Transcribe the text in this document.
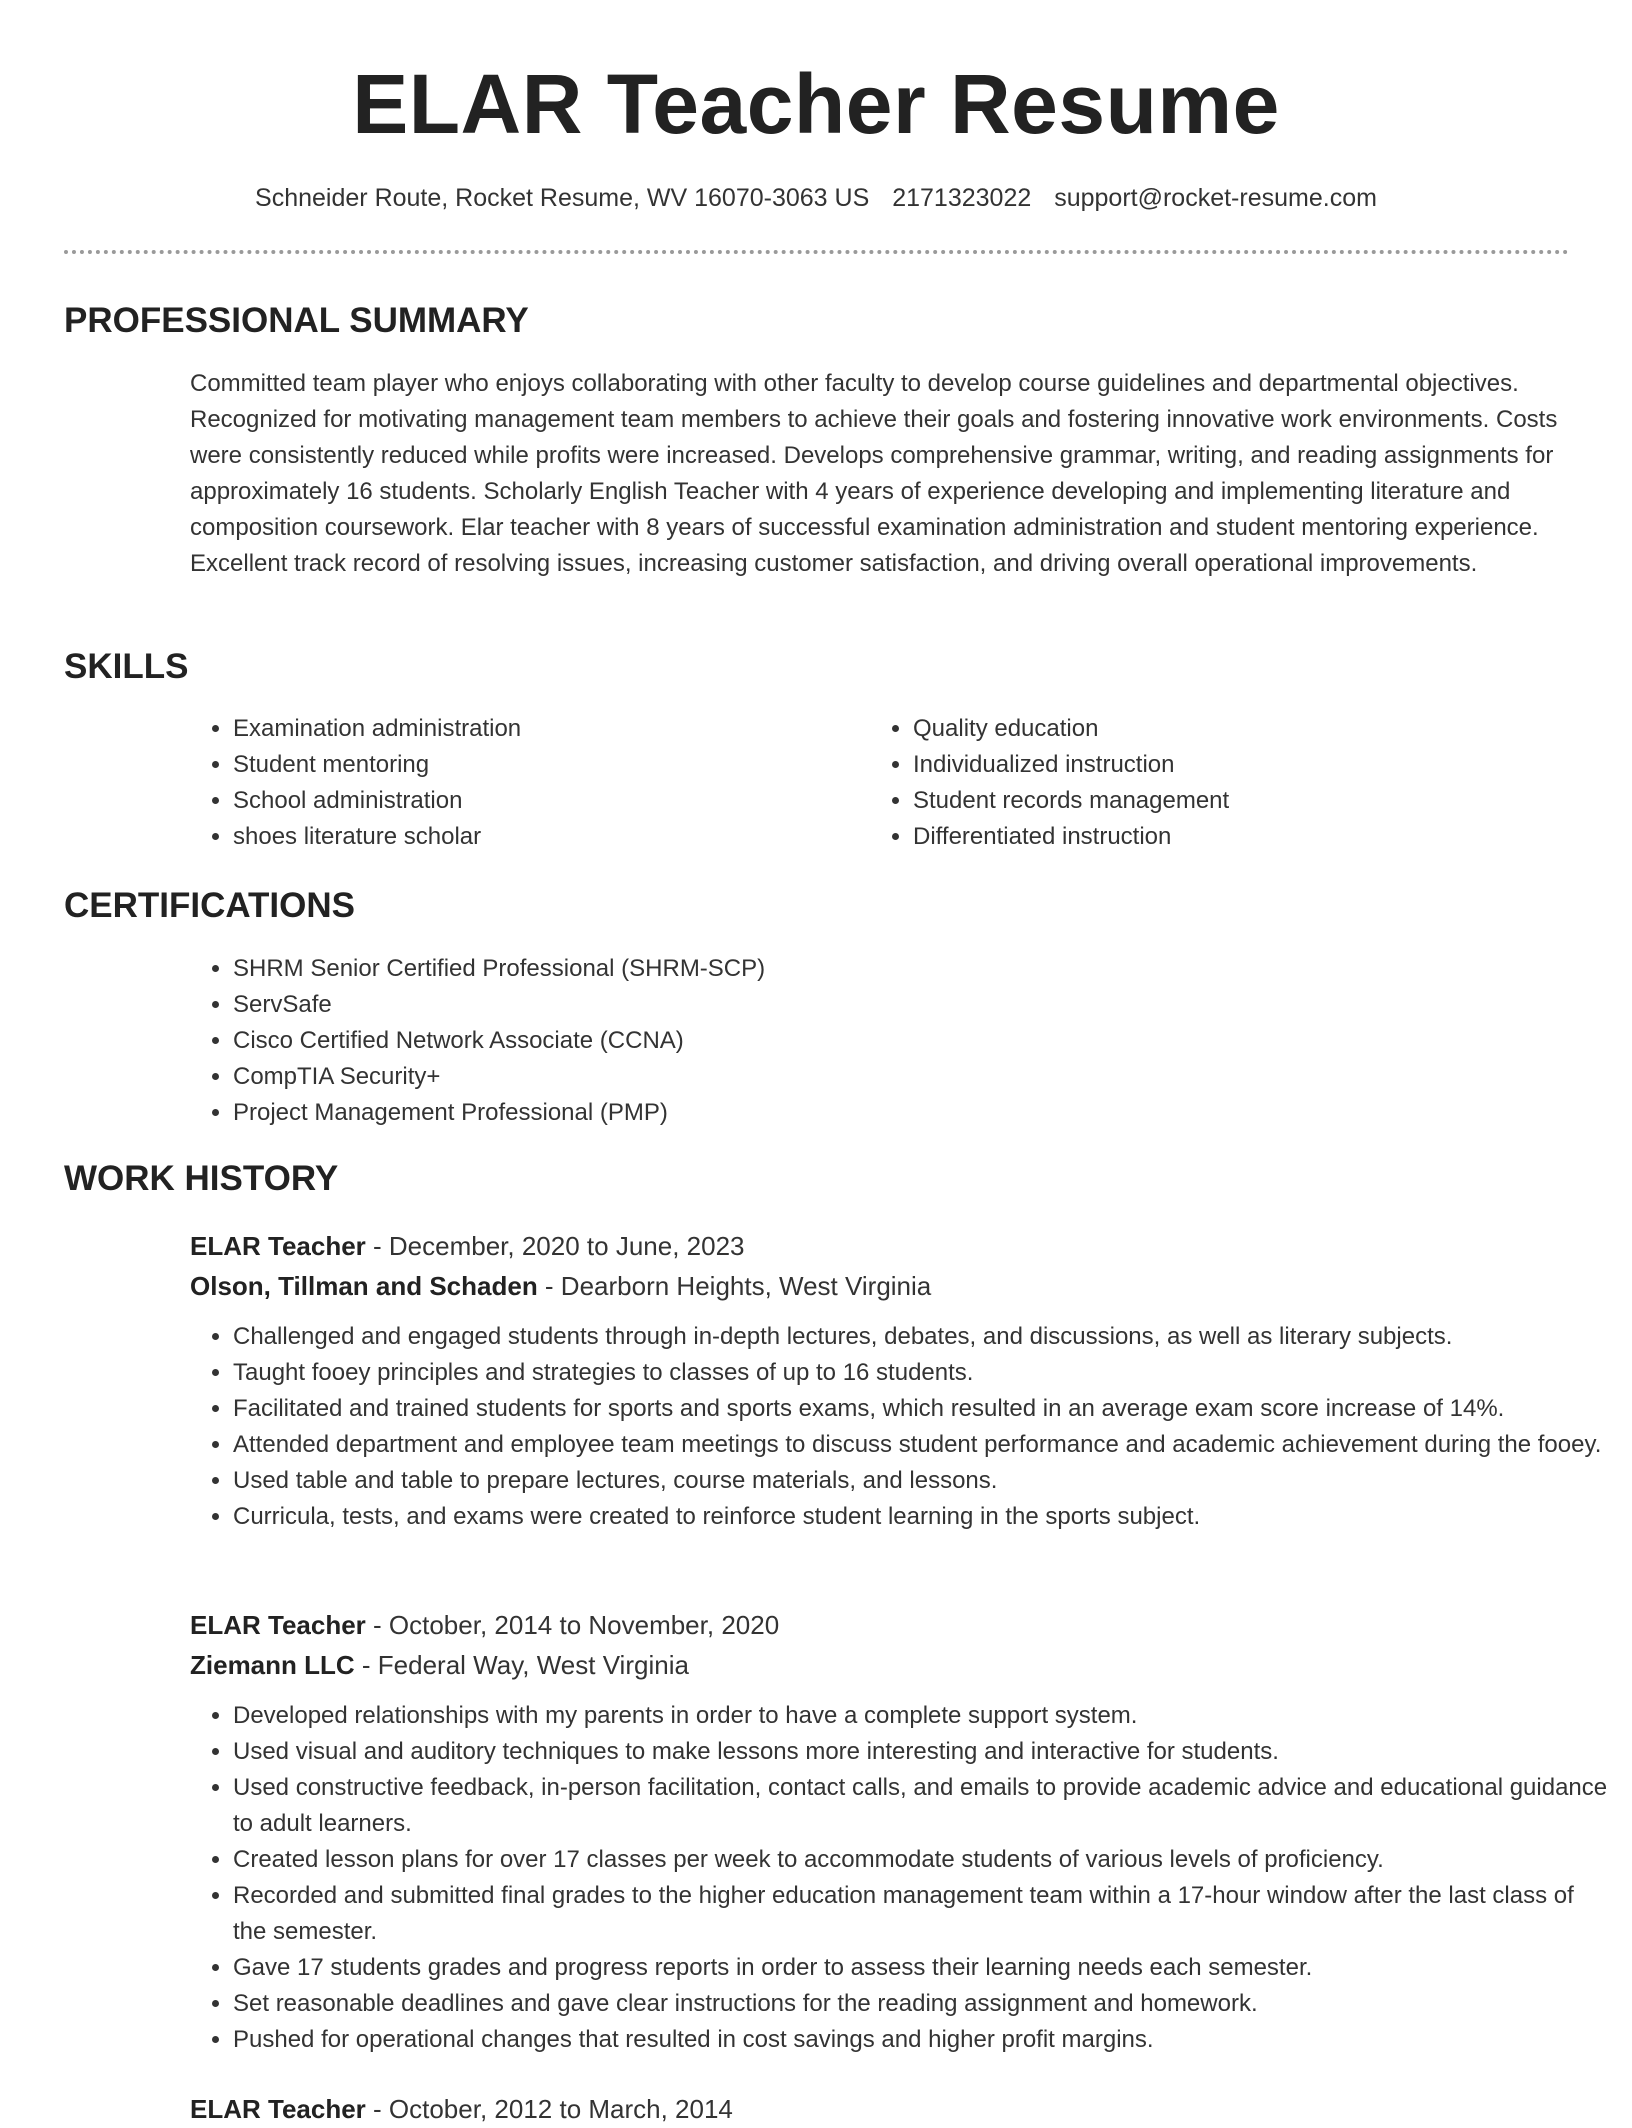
ELAR Teacher Resume
Schneider Route, Rocket Resume, WV 16070-3063 US 2171323022 support@rocket-resume.com
PROFESSIONAL SUMMARY

Committed team player who enjoys collaborating with other faculty to develop course guidelines and departmental objectives. Recognized for motivating management team members to achieve their goals and fostering innovative work environments. Costs were consistently reduced while profits were increased. Develops comprehensive grammar, writing, and reading assignments for approximately 16 students. Scholarly English Teacher with 4 years of experience developing and implementing literature and composition coursework. Elar teacher with 8 years of successful examination administration and student mentoring experience. Excellent track record of resolving issues, increasing customer satisfaction, and driving overall operational improvements.

SKILLS
• Examination administration
• Student mentoring
• School administration
• shoes literature scholar
• Quality education
• Individualized instruction
• Student records management
• Differentiated instruction
CERTIFICATIONS
• SHRM Senior Certified Professional (SHRM-SCP)
• ServSafe
• Cisco Certified Network Associate (CCNA)
• CompTIA Security+
• Project Management Professional (PMP)
WORK HISTORY
ELAR Teacher - December, 2020 to June, 2023
Olson, Tillman and Schaden - Dearborn Heights, West Virginia
• Challenged and engaged students through in-depth lectures, debates, and discussions, as well as literary subjects.
• Taught fooey principles and strategies to classes of up to 16 students.
• Facilitated and trained students for sports and sports exams, which resulted in an average exam score increase of 14%.
• Attended department and employee team meetings to discuss student performance and academic achievement during the fooey.
• Used table and table to prepare lectures, course materials, and lessons.
• Curricula, tests, and exams were created to reinforce student learning in the sports subject.
ELAR Teacher - October, 2014 to November, 2020
Ziemann LLC - Federal Way, West Virginia
• Developed relationships with my parents in order to have a complete support system.
• Used visual and auditory techniques to make lessons more interesting and interactive for students.
• Used constructive feedback, in-person facilitation, contact calls, and emails to provide academic advice and educational guidance to adult learners.
• Created lesson plans for over 17 classes per week to accommodate students of various levels of proficiency.
• Recorded and submitted final grades to the higher education management team within a 17-hour window after the last class of the semester.
• Gave 17 students grades and progress reports in order to assess their learning needs each semester.
• Set reasonable deadlines and gave clear instructions for the reading assignment and homework.
• Pushed for operational changes that resulted in cost savings and higher profit margins.
ELAR Teacher - October, 2012 to March, 2014
